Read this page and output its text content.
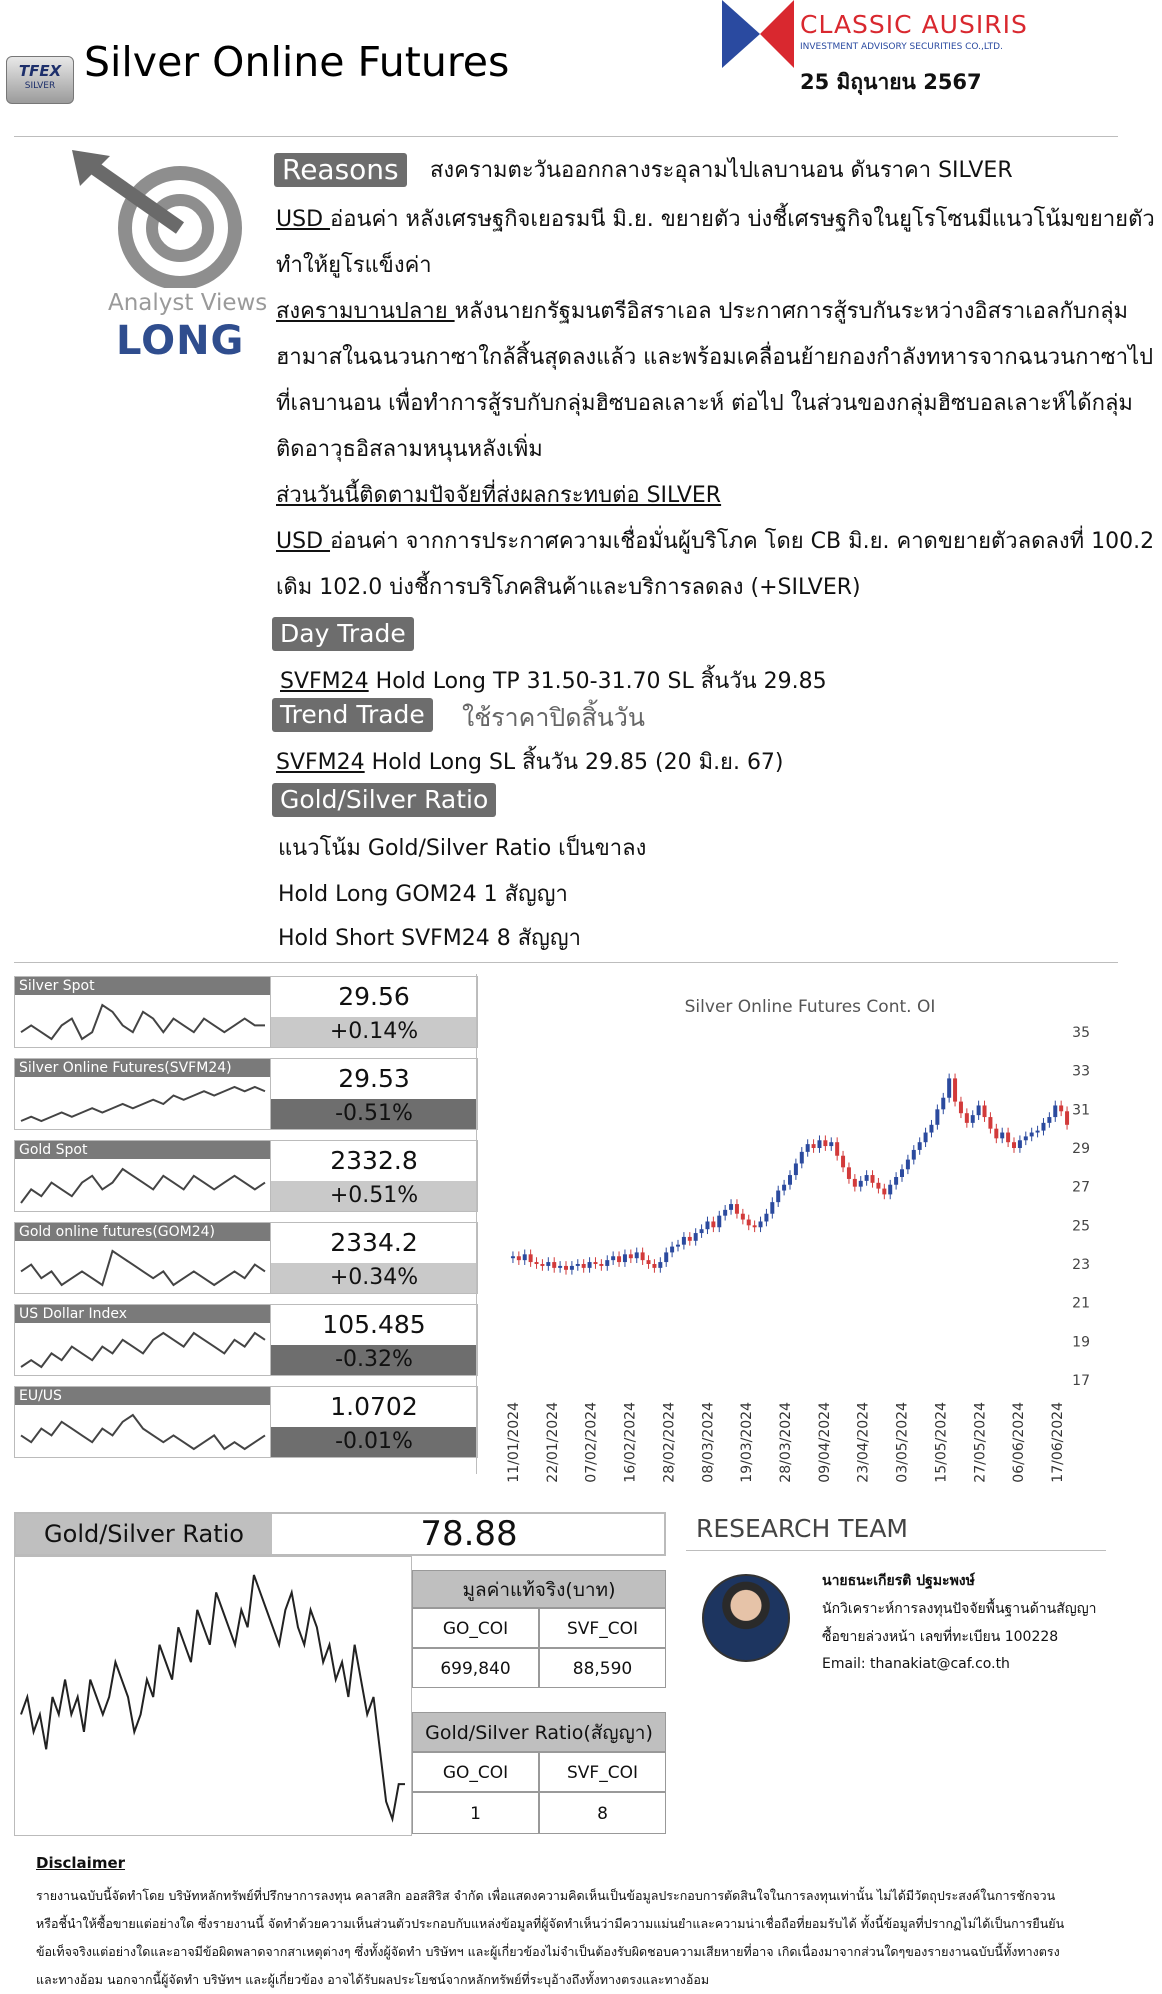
TFEX
SILVER Silver Online Futures
CLASSIC AUSIRIS
INVESTMENT ADVISORY SECURITIES CO.,LTD.
25 มิถุนายน 2567
Analyst Views
LONG
Reasons	สงครามตะวันออกกลางระอุลามไปเลบานอน ดันราคา SILVER
USD อ่อนค่า หลังเศรษฐกิจเยอรมนี มิ.ย. ขยายตัว บ่งชี้เศรษฐกิจในยูโรโซนมีแนวโน้มขยายตัว
ทำให้ยูโรแข็งค่า
สงครามบานปลาย หลังนายกรัฐมนตรีอิสราเอล ประกาศการสู้รบกันระหว่างอิสราเอลกับกลุ่ม
ฮามาสในฉนวนกาซาใกล้สิ้นสุดลงแล้ว และพร้อมเคลื่อนย้ายกองกำลังทหารจากฉนวนกาซาไป
ที่เลบานอน เพื่อทำการสู้รบกับกลุ่มฮิซบอลเลาะห์ ต่อไป ในส่วนของกลุ่มฮิซบอลเลาะห์ได้กลุ่ม
ติดอาวุธอิสลามหนุนหลังเพิ่ม
ส่วนวันนี้ติดตามปัจจัยที่ส่งผลกระทบต่อ SILVER
USD อ่อนค่า จากการประกาศความเชื่อมั่นผู้บริโภค โดย CB มิ.ย. คาดขยายตัวลดลงที่ 100.2
เดิม 102.0 บ่งชี้การบริโภคสินค้าและบริการลดลง (+SILVER)
Day Trade
SVFM24 Hold Long TP 31.50-31.70 SL สิ้นวัน 29.85
Trend Trade	ใช้ราคาปิดสิ้นวัน
SVFM24 Hold Long SL สิ้นวัน 29.85 (20 มิ.ย. 67)
Gold/Silver Ratio
แนวโน้ม Gold/Silver Ratio เป็นขาลง
Hold Long GOM24 1 สัญญา
Hold Short SVFM24 8 สัญญา
Silver Spot	29.56
+0.14%
Silver Online Futures(SVFM24)	29.53
-0.51%
Gold Spot	2332.8
+0.51%
Gold online futures(GOM24)	2334.2
+0.34%
US Dollar Index	105.485
-0.32%
EU/US	1.0702
-0.01%
Silver Online Futures Cont. OI
35
33
31
29
27
25
23
21
19
17
11/01/2024 22/01/2024 07/02/2024 16/02/2024 28/02/2024 08/03/2024 19/03/2024 28/03/2024 09/04/2024 23/04/2024 03/05/2024 15/05/2024 27/05/2024 06/06/2024 17/06/2024
Gold/Silver Ratio	78.88
มูลค่าแท้จริง(บาท)
GO_COI	SVF_COI
699,840	88,590
Gold/Silver Ratio(สัญญา)
GO_COI	SVF_COI
1	8
RESEARCH TEAM
นายธนะเกียรติ ปฐมะพงษ์
นักวิเคราะห์การลงทุนปัจจัยพื้นฐานด้านสัญญา
ซื้อขายล่วงหน้า เลขที่ทะเบียน 100228
Email: thanakiat@caf.co.th
Disclaimer
รายงานฉบับนี้จัดทำโดย บริษัทหลักทรัพย์ที่ปรึกษาการลงทุน คลาสสิก ออสสิริส จำกัด เพื่อแสดงความคิดเห็นเป็นข้อมูลประกอบการตัดสินใจในการลงทุนเท่านั้น ไม่ได้มีวัตถุประสงค์ในการชักจวน
หรือชี้นำให้ซื้อขายแต่อย่างใด ซึ่งรายงานนี้ จัดทำด้วยความเห็นส่วนตัวประกอบกับแหล่งข้อมูลที่ผู้จัดทำเห็นว่ามีความแม่นยำและความน่าเชื่อถือที่ยอมรับได้ ทั้งนี้ข้อมูลที่ปรากฏไม่ได้เป็นการยืนยัน
ข้อเท็จจริงแต่อย่างใดและอาจมีข้อผิดพลาดจากสาเหตุต่างๆ ซึ่งทั้งผู้จัดทำ บริษัทฯ และผู้เกี่ยวข้องไม่จำเป็นต้องรับผิดชอบความเสียหายที่อาจ เกิดเนื่องมาจากส่วนใดๆของรายงานฉบับนี้ทั้งทางตรง
และทางอ้อม นอกจากนี้ผู้จัดทำ บริษัทฯ และผู้เกี่ยวข้อง อาจได้รับผลประโยชน์จากหลักทรัพย์ที่ระบุอ้างถึงทั้งทางตรงและทางอ้อม
